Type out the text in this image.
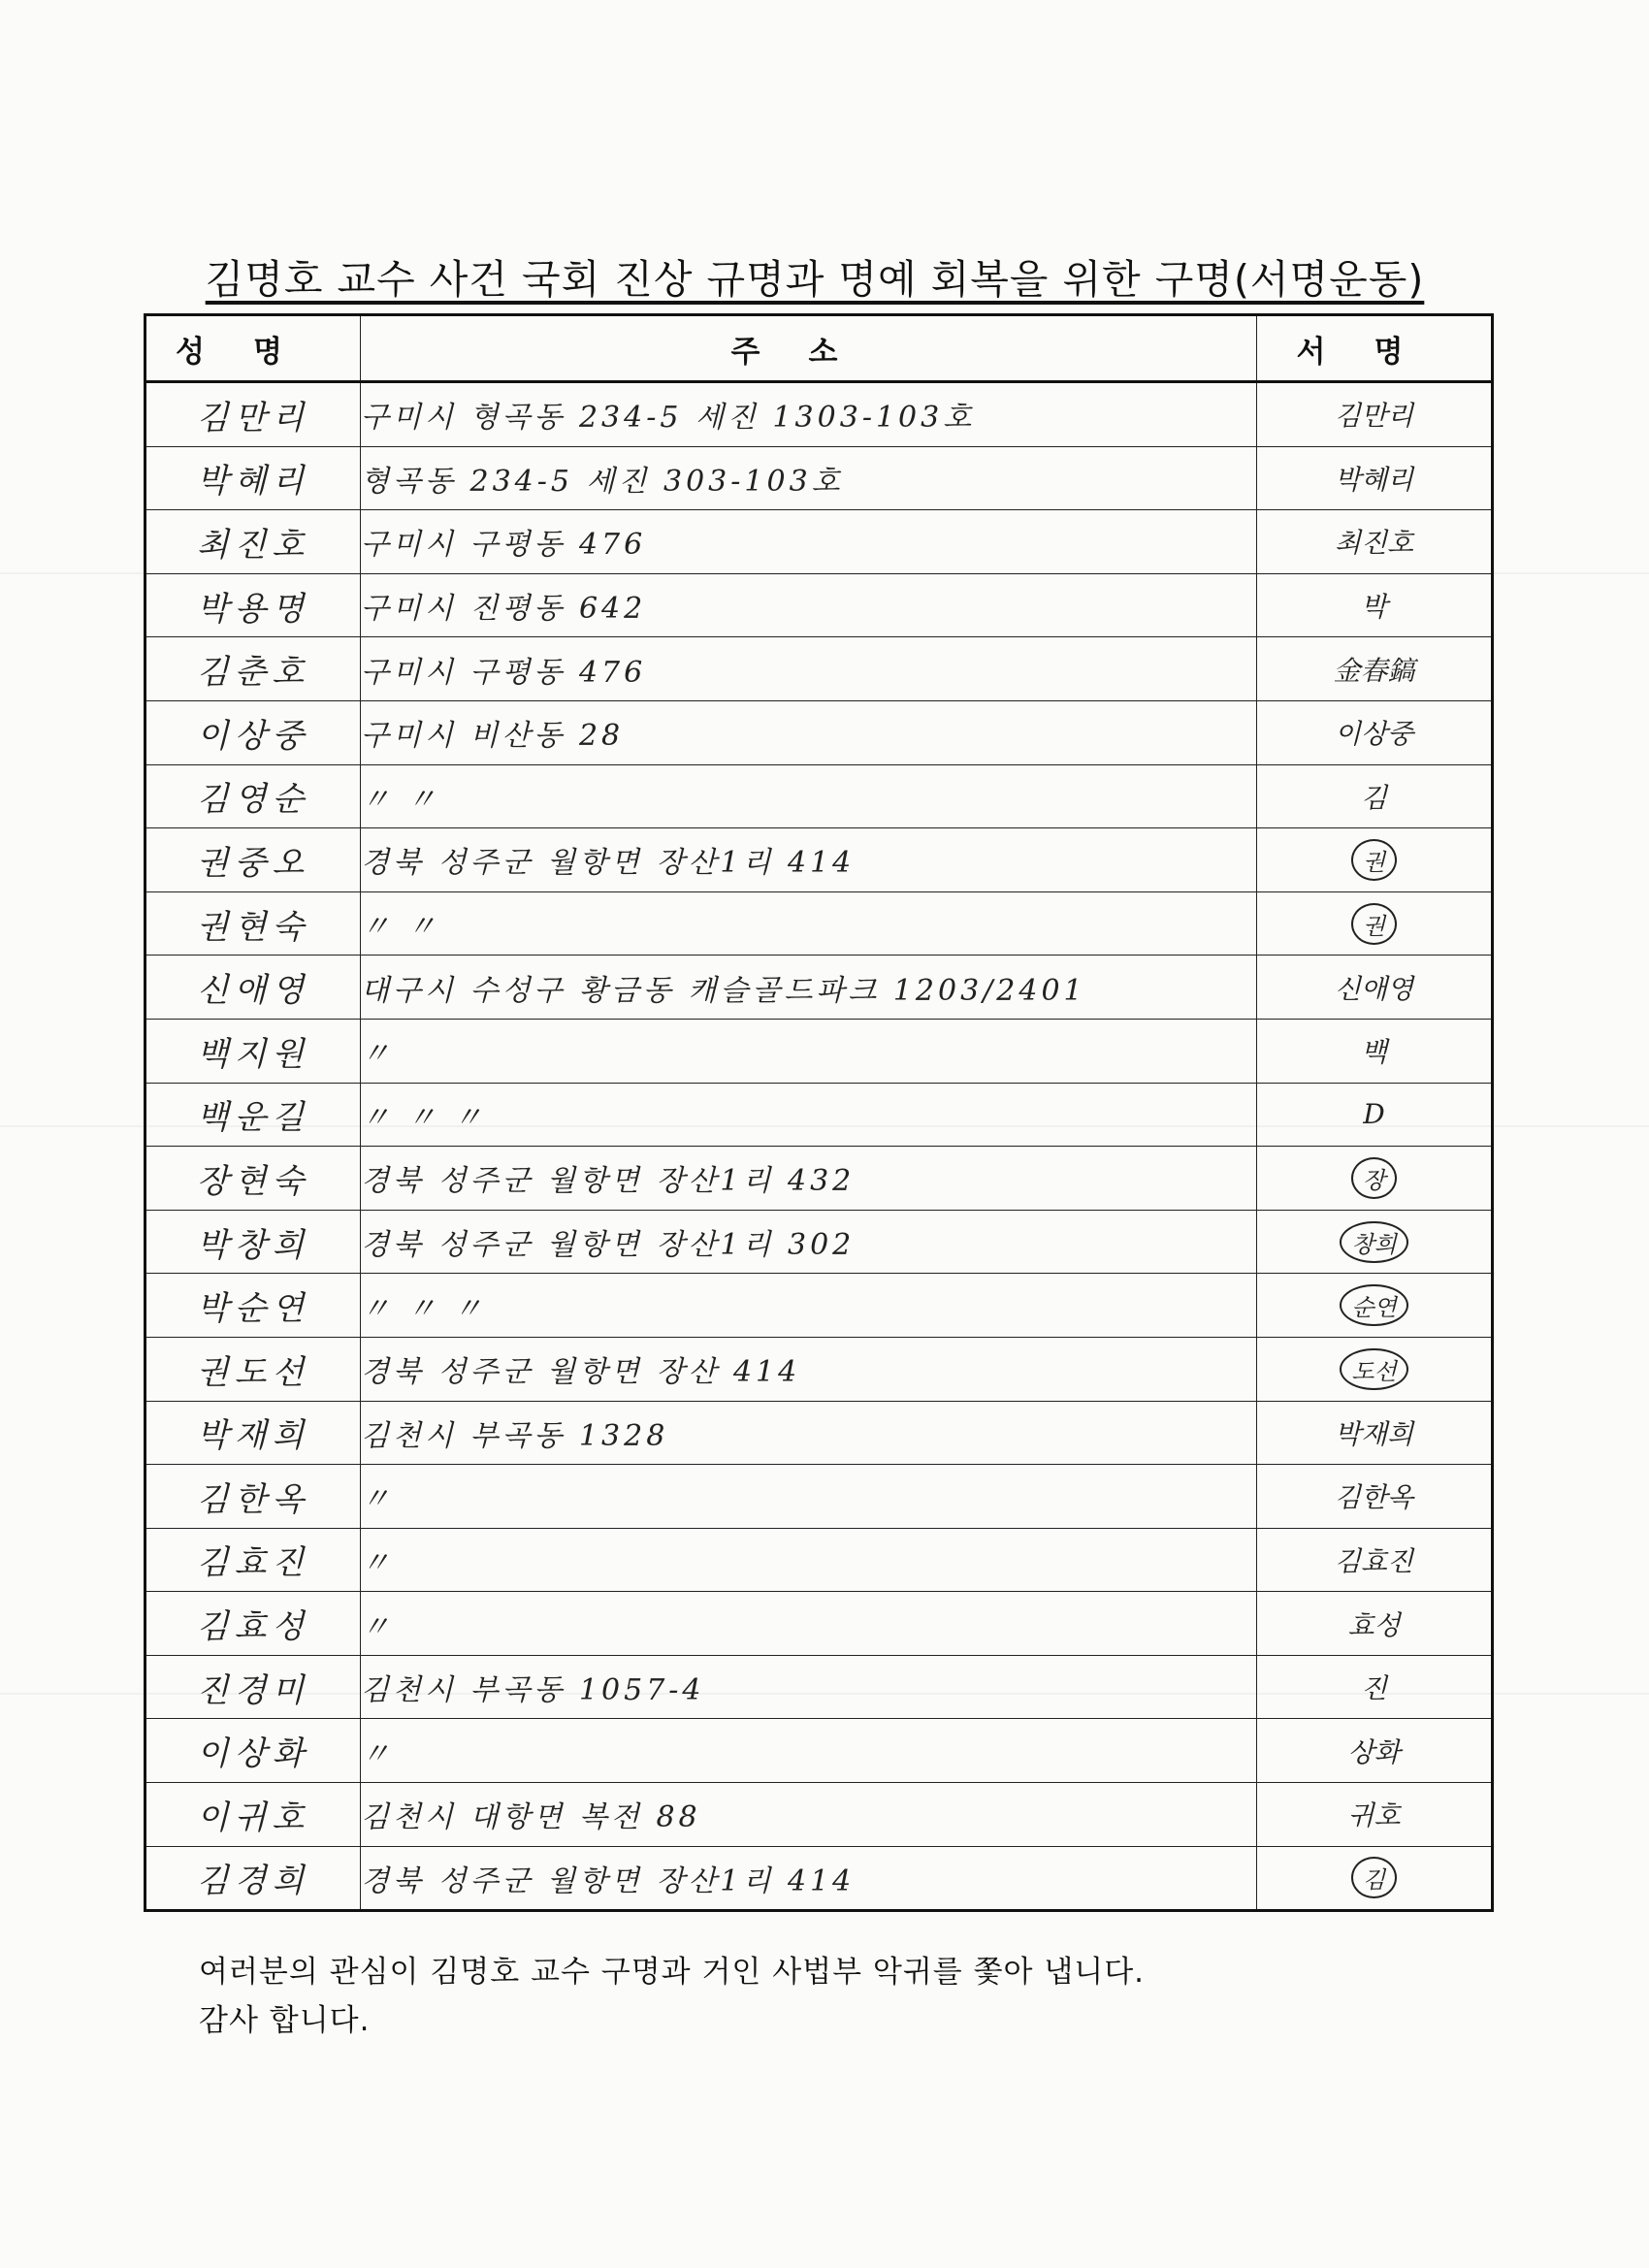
김명호 교수 사건 국회 진상 규명과 명예 회복을 위한 구명(서명운동)
성명	주소	서명
김만리	구미시 형곡동 234-5 세진 1303-103호	김만리
박혜리	형곡동 234-5 세진 303-103호	박혜리
최진호	구미시 구평동 476	최진호
박용명	구미시 진평동 642	박
김춘호	구미시 구평동 476	金春鎬
이상중	구미시 비산동 28	이상중
김영순	〃 〃	김
권중오	경북 성주군 월항면 장산1리 414	권
권현숙	〃 〃	권
신애영	대구시 수성구 황금동 캐슬골드파크 1203/2401	신애영
백지원	〃	백
백운길	〃 〃 〃	D
장현숙	경북 성주군 월항면 장산1리 432	장
박창희	경북 성주군 월항면 장산1리 302	창희
박순연	〃 〃 〃	순연
권도선	경북 성주군 월항면 장산 414	도선
박재희	김천시 부곡동 1328	박재희
김한옥	〃	김한옥
김효진	〃	김효진
김효성	〃	효성
진경미	김천시 부곡동 1057-4	진
이상화	〃	상화
이귀호	김천시 대항면 복전 88	귀호
김경희	경북 성주군 월항면 장산1리 414	김
여러분의 관심이 김명호 교수 구명과 거인 사법부 악귀를 쫓아 냅니다.
감사 합니다.
